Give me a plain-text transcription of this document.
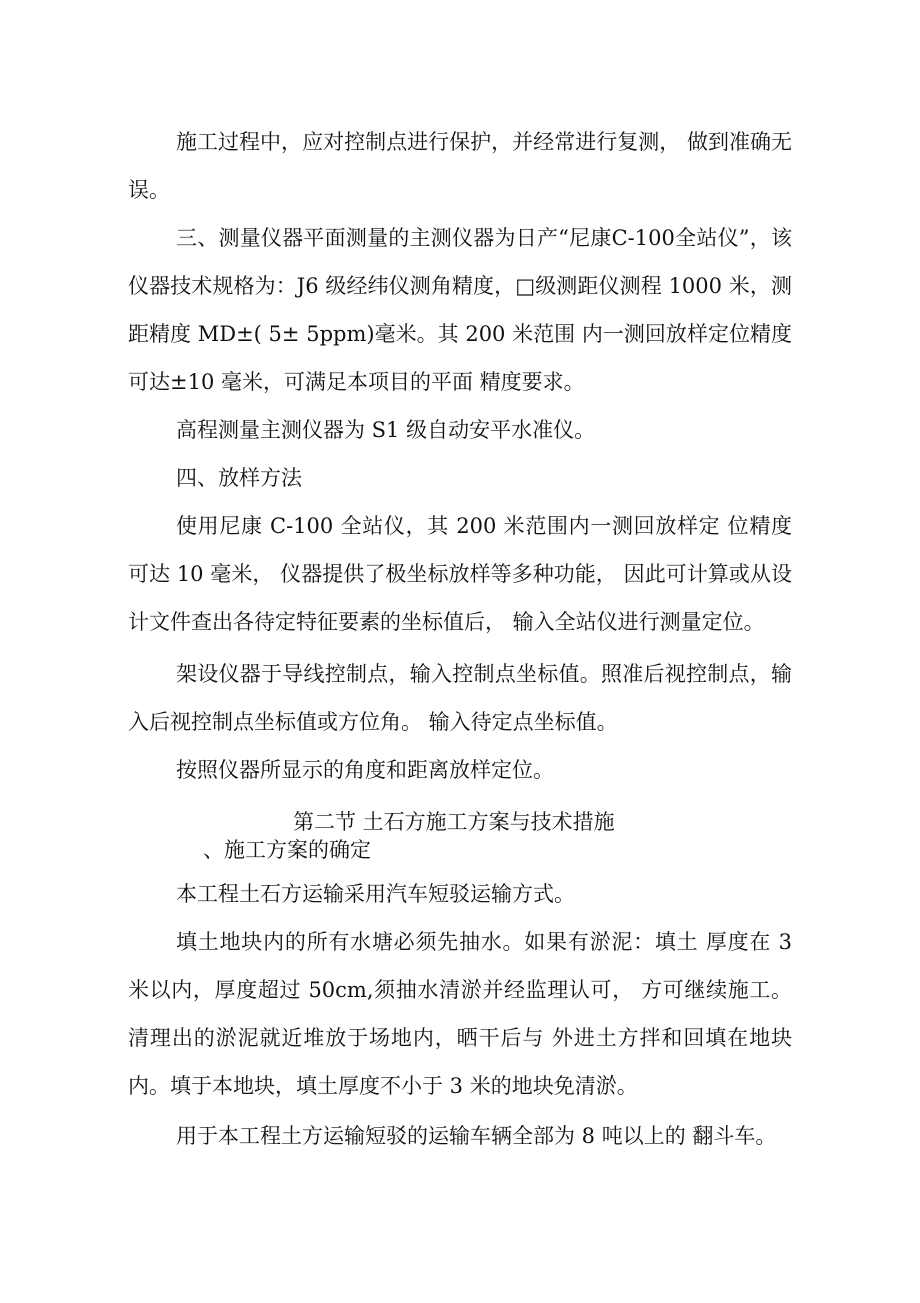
施工过程中，应对控制点进行保护，并经常进行复测， 做到准确无误。

三、测量仪器平面测量的主测仪器为日产“尼康C-100全站仪”，该 仪器技术规格为：J6 级经纬仪测角精度，□级测距仪测程 1000 米，测距精度 MD±( 5± 5ppm)毫米。其 200 米范围 内一测回放样定位精度可达±10 毫米，可满足本项目的平面 精度要求。

高程测量主测仪器为 S1 级自动安平水准仪。

四、放样方法

使用尼康 C-100 全站仪，其 200 米范围内一测回放样定 位精度可达 10 毫米， 仪器提供了极坐标放样等多种功能， 因此可计算或从设计文件查出各待定特征要素的坐标值后， 输入全站仪进行测量定位。

架设仪器于导线控制点，输入控制点坐标值。照准后视控制点，输入后视控制点坐标值或方位角。 输入待定点坐标值。

按照仪器所显示的角度和距离放样定位。

第二节 土石方施工方案与技术措施

、施工方案的确定

本工程土石方运输采用汽车短驳运输方式。

填土地块内的所有水塘必须先抽水。如果有淤泥：填土 厚度在 3 米以内，厚度超过 50cm,须抽水清淤并经监理认可， 方可继续施工。清理出的淤泥就近堆放于场地内，晒干后与 外进土方拌和回填在地块内。填于本地块，填土厚度不小于 3 米的地块免清淤。

用于本工程土方运输短驳的运输车辆全部为 8 吨以上的 翻斗车。
